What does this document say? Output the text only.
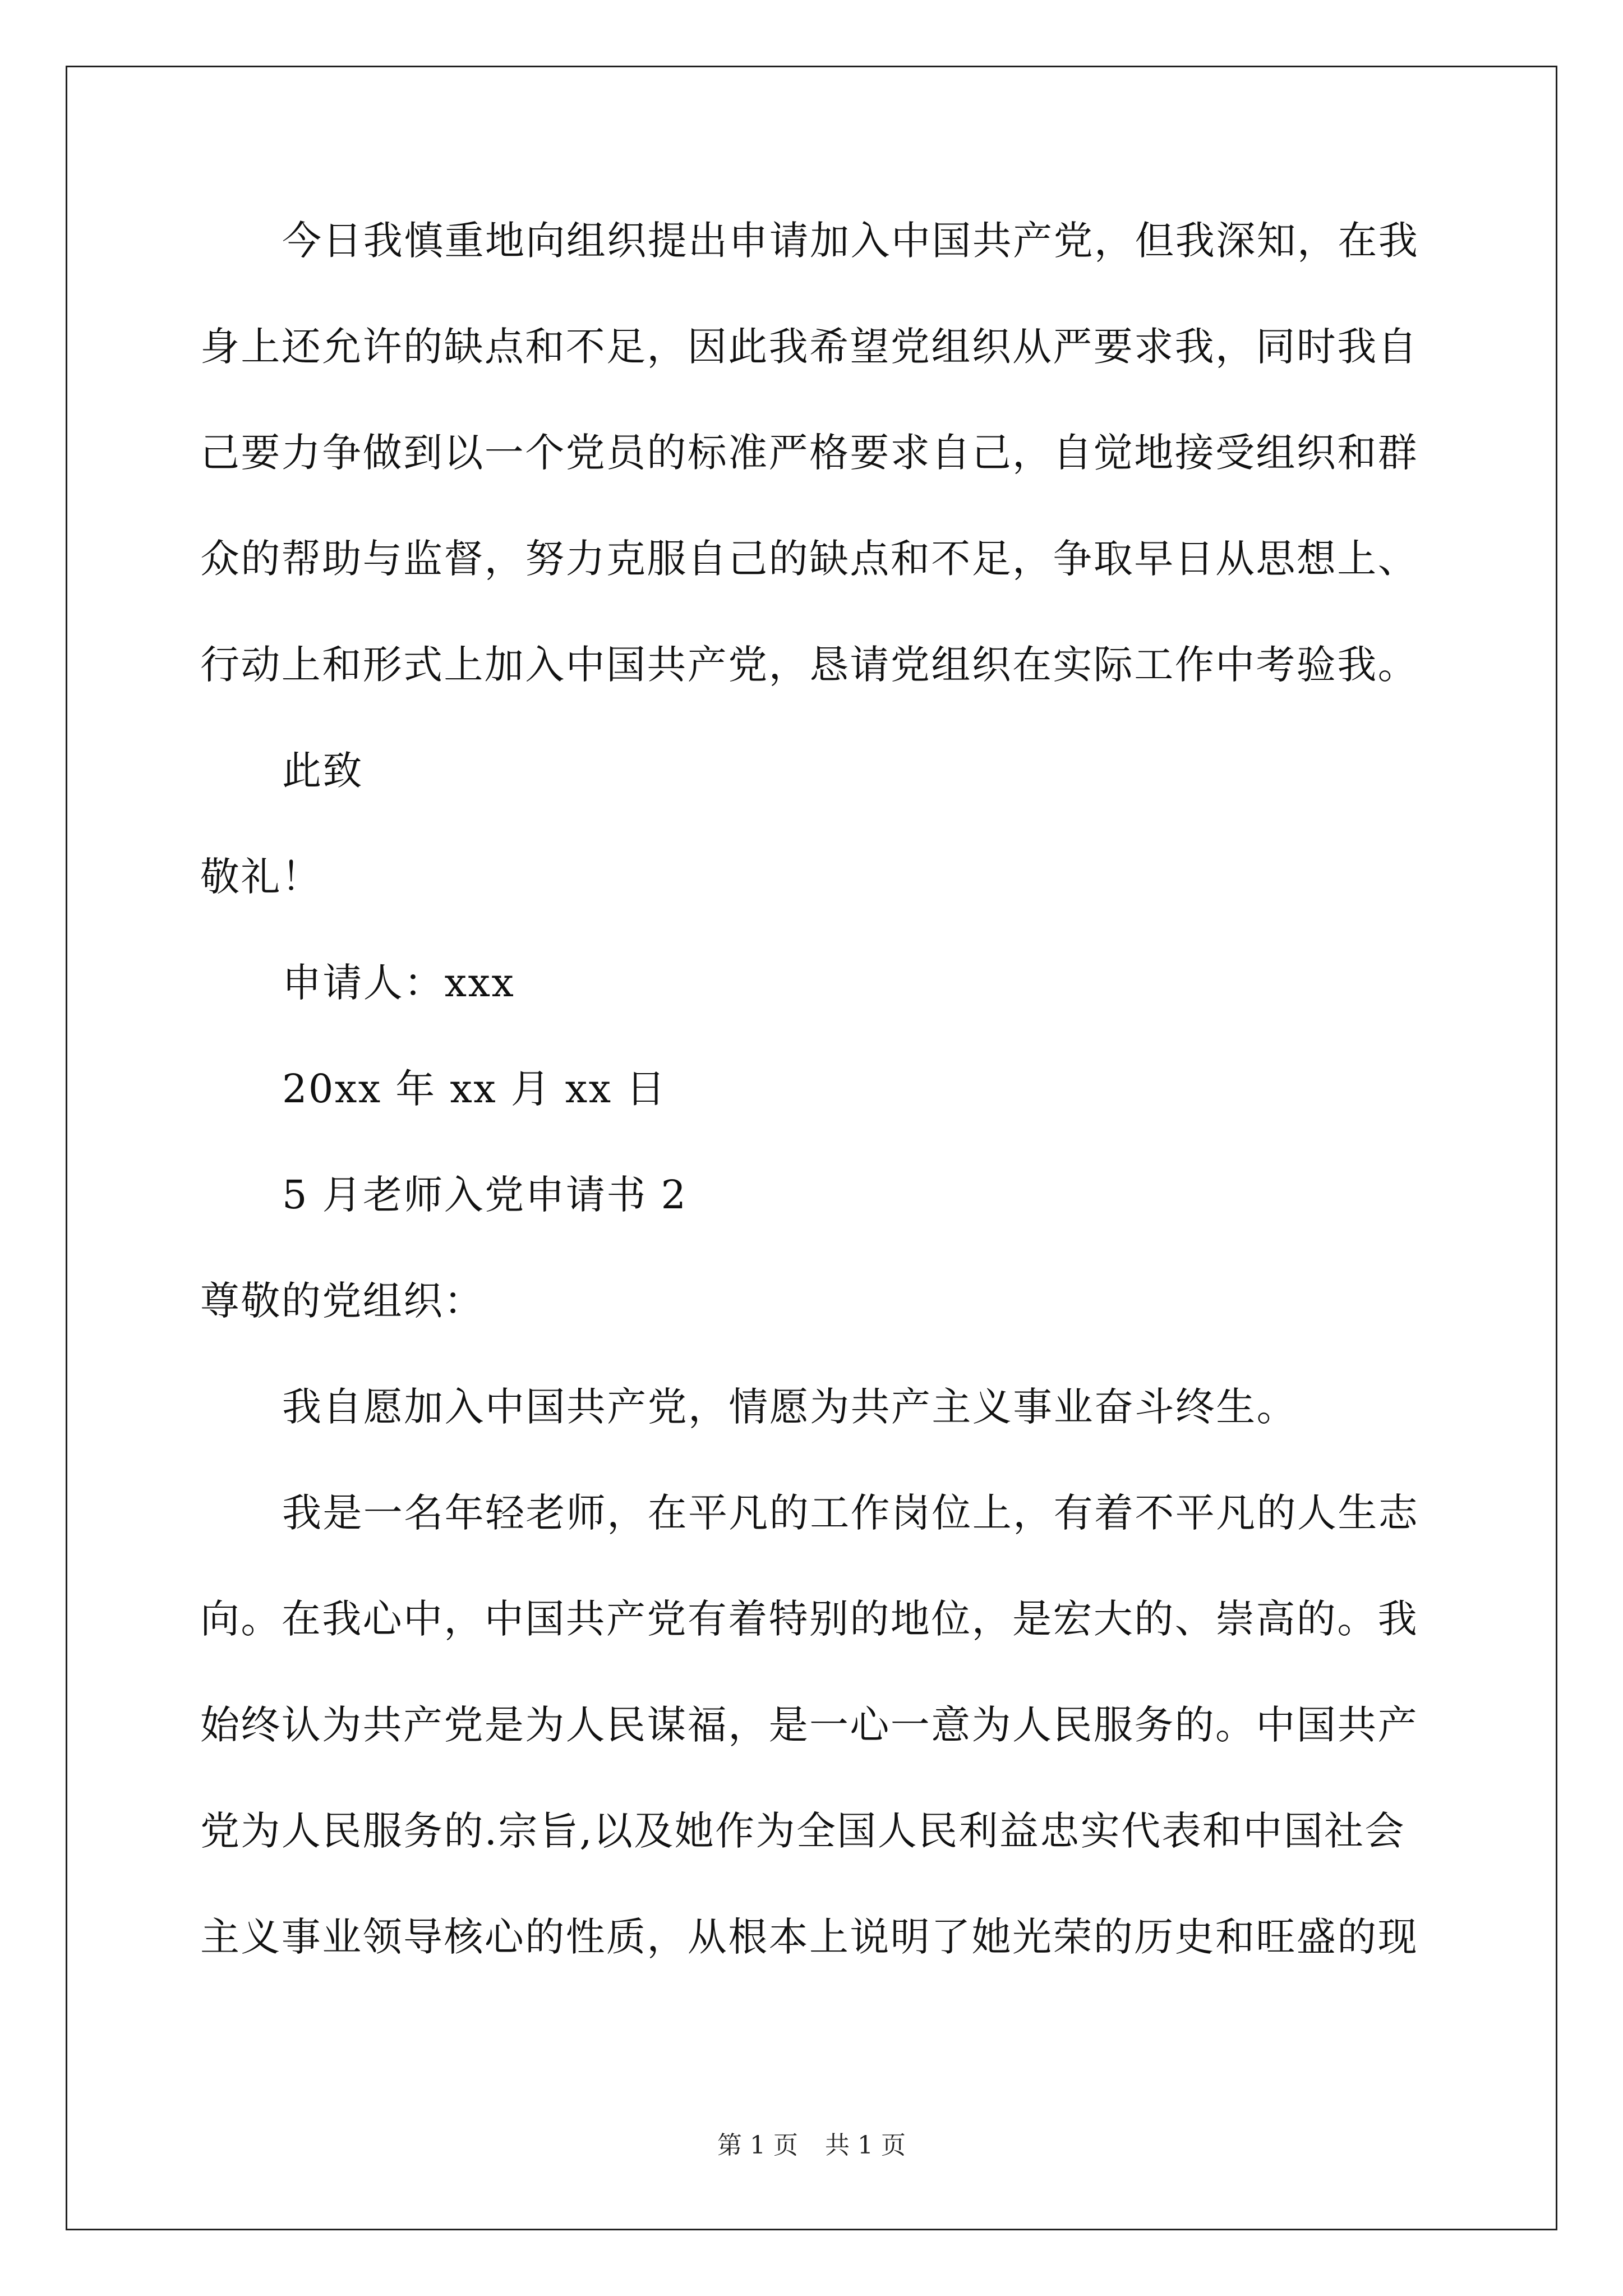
今日我慎重地向组织提出申请加入中国共产党，但我深知，在我
身上还允许的缺点和不足，因此我希望党组织从严要求我，同时我自
己要力争做到以一个党员的标准严格要求自己，自觉地接受组织和群
众的帮助与监督，努力克服自己的缺点和不足，争取早日从思想上、
行动上和形式上加入中国共产党，恳请党组织在实际工作中考验我。
此致
敬礼！
申请人：xxx
20xx 年 xx 月 xx 日
5 月老师入党申请书 2
尊敬的党组织：
我自愿加入中国共产党，情愿为共产主义事业奋斗终生。
我是一名年轻老师，在平凡的工作岗位上，有着不平凡的人生志
向。在我心中，中国共产党有着特别的地位，是宏大的、崇高的。我
始终认为共产党是为人民谋福，是一心一意为人民服务的。中国共产
党为人民服务的.宗旨,以及她作为全国人民利益忠实代表和中国社会
主义事业领导核心的性质，从根本上说明了她光荣的历史和旺盛的现
第 1 页 共 1 页
